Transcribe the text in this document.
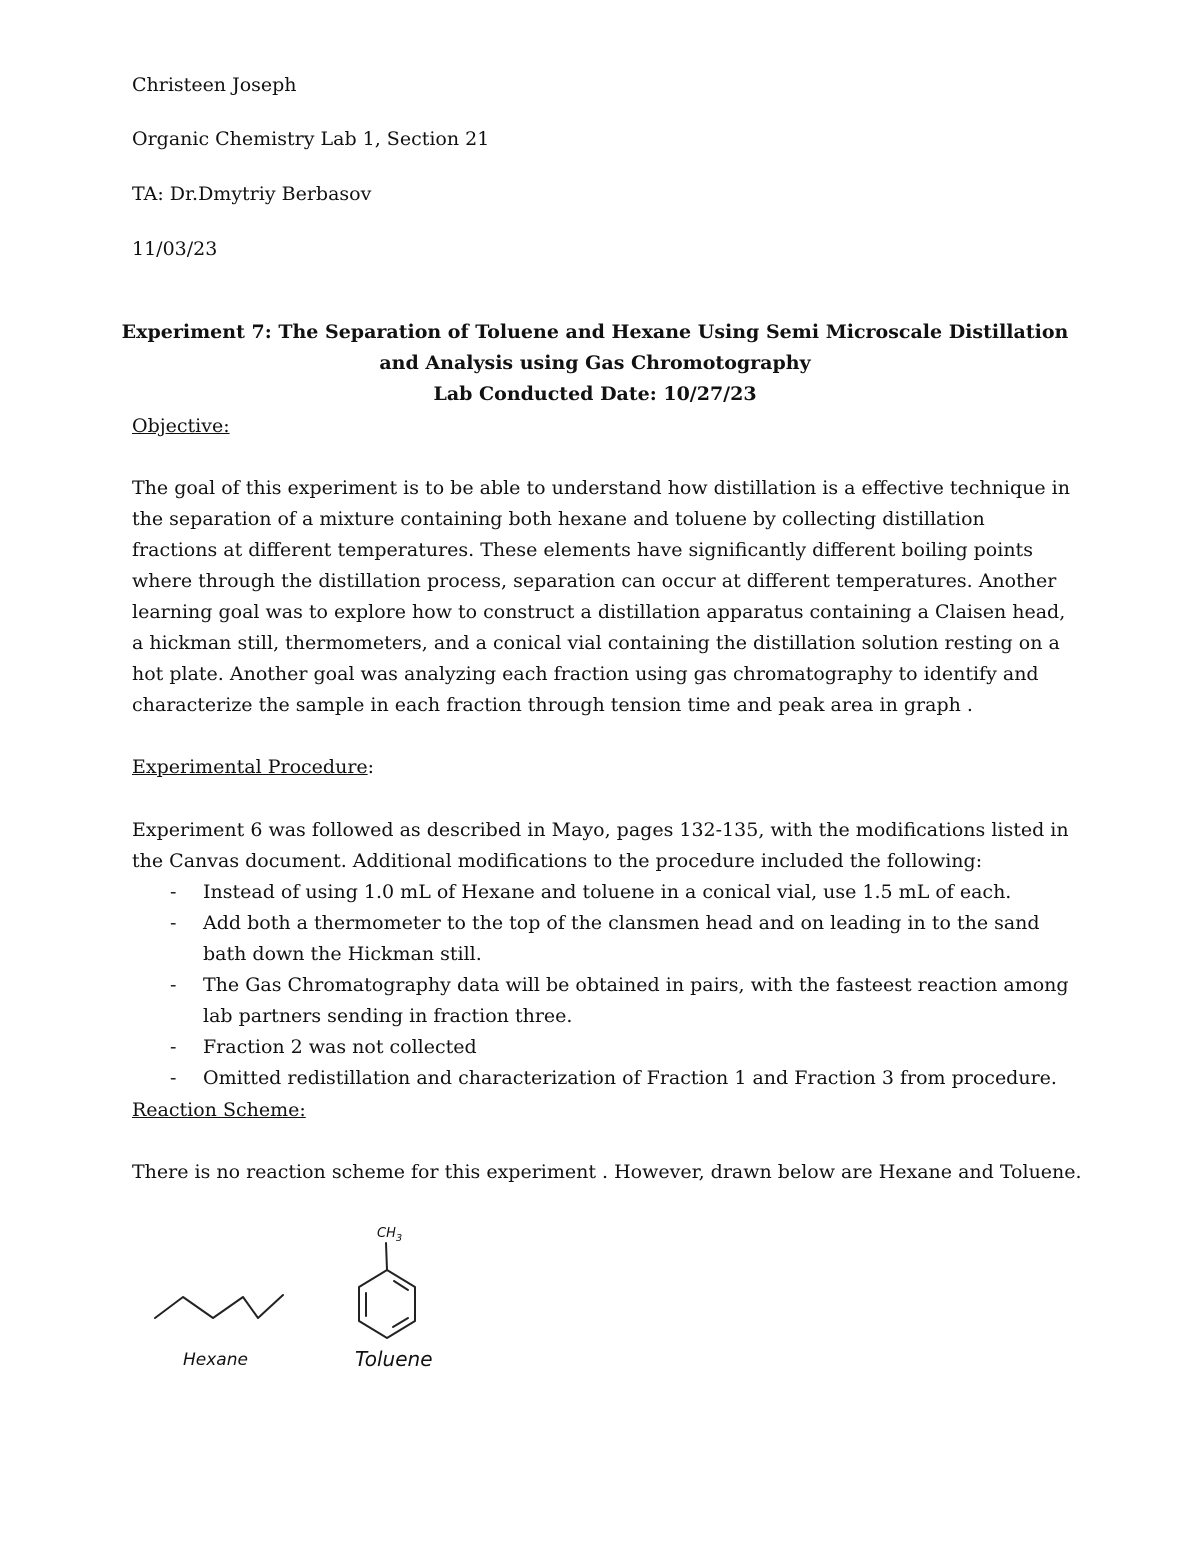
Christeen Joseph
Organic Chemistry Lab 1, Section 21
TA: Dr.Dmytriy Berbasov
11/03/23
Experiment 7: The Separation of Toluene and Hexane Using Semi Microscale Distillation
and Analysis using Gas Chromotography
Lab Conducted Date: 10/27/23
Objective:
The goal of this experiment is to be able to understand how distillation is a effective technique in the separation of a mixture containing both hexane and toluene by collecting distillation fractions at different temperatures. These elements have significantly different boiling points where through the distillation process, separation can occur at different temperatures. Another learning goal was to explore how to construct a distillation apparatus containing a Claisen head, a hickman still, thermometers, and a conical vial containing the distillation solution resting on a hot plate. Another goal was analyzing each fraction using gas chromatography to identify and characterize the sample in each fraction through tension time and peak area in graph .
Experimental Procedure:
Experiment 6 was followed as described in Mayo, pages 132-135, with the modifications listed in the Canvas document. Additional modifications to the procedure included the following:
- Instead of using 1.0 mL of Hexane and toluene in a conical vial, use 1.5 mL of each.
- Add both a thermometer to the top of the clansmen head and on leading in to the sand bath down the Hickman still.
- The Gas Chromatography data will be obtained in pairs, with the fasteest reaction among lab partners sending in fraction three.
- Fraction 2 was not collected
- Omitted redistillation and characterization of Fraction 1 and Fraction 3 from procedure.
Reaction Scheme:
There is no reaction scheme for this experiment . However, drawn below are Hexane and Toluene.
Hexane
$CH_3$
Toluene
